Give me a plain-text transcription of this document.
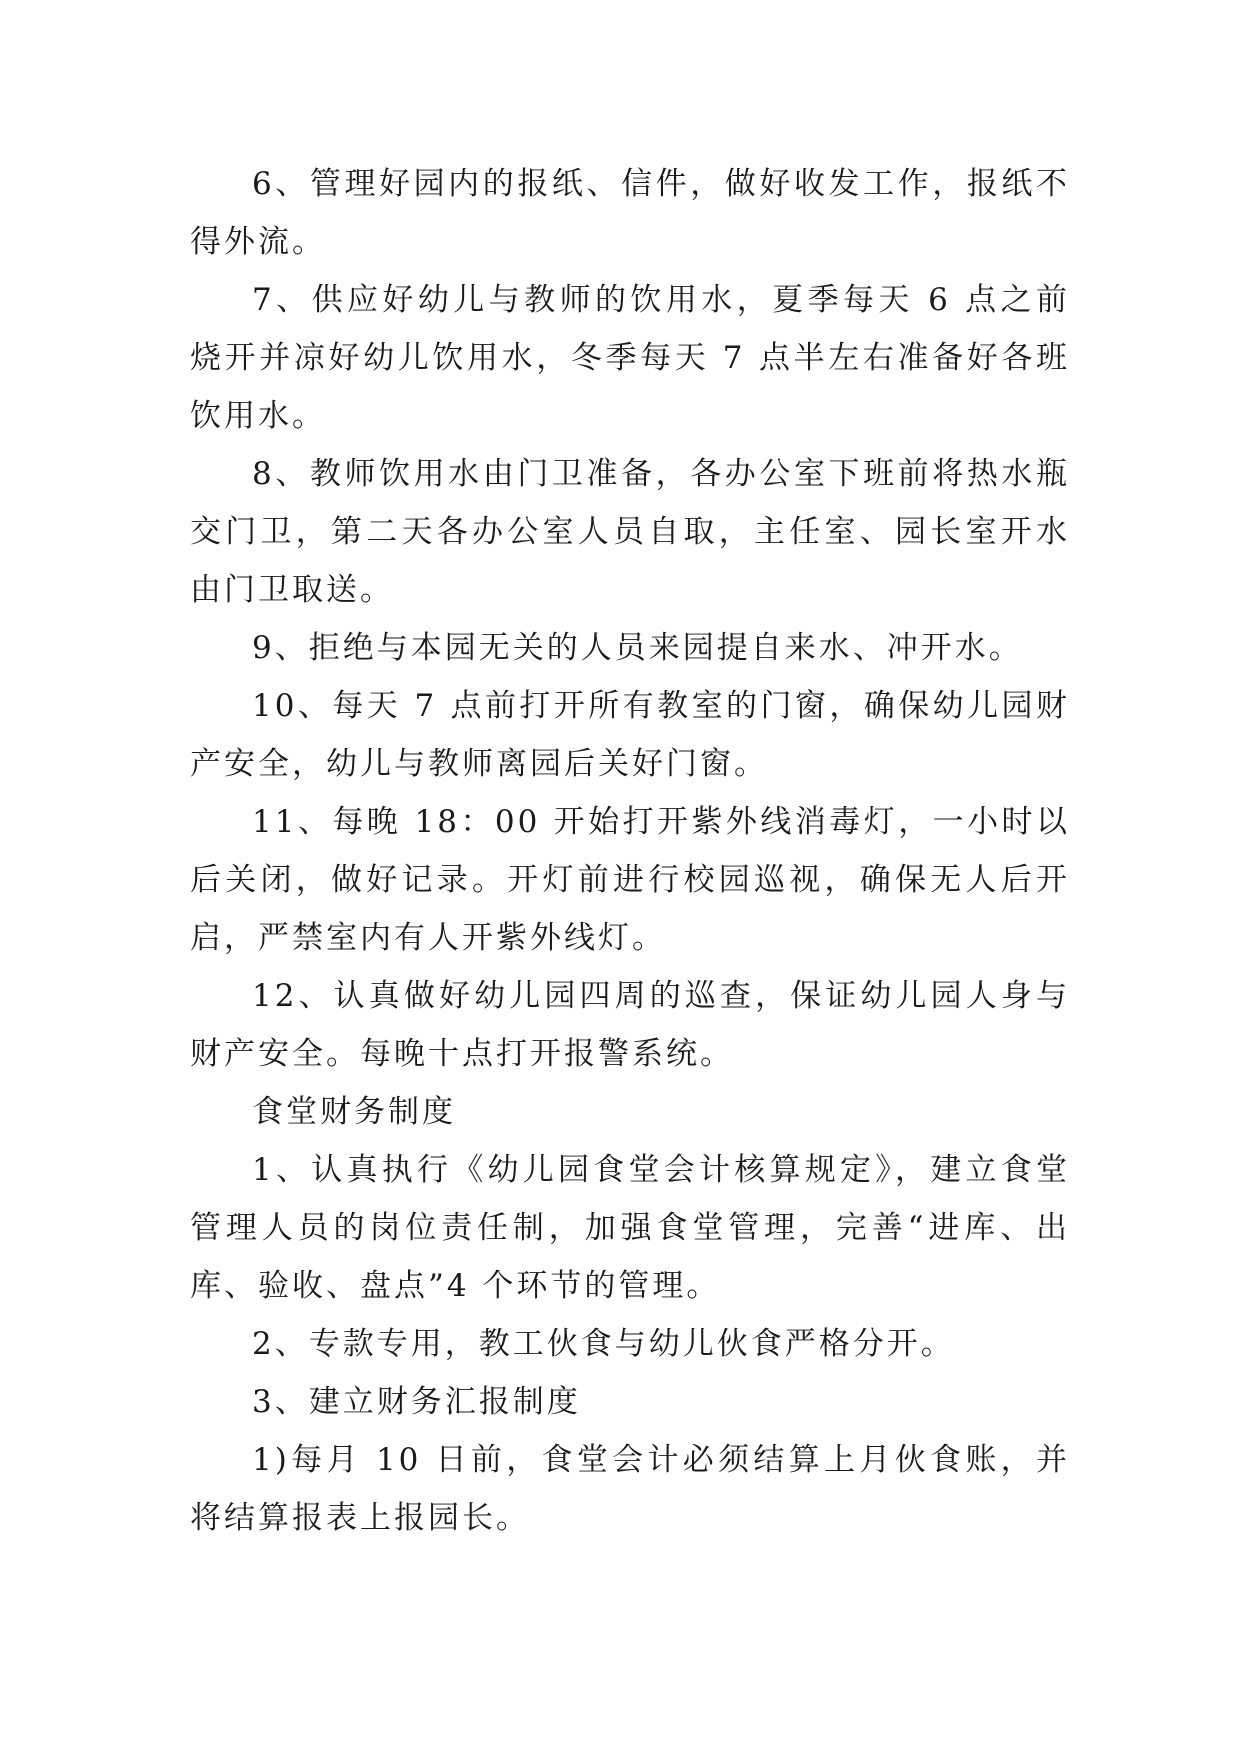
6、管理好园内的报纸、信件，做好收发工作，报纸不得外流。

7、供应好幼儿与教师的饮用水，夏季每天 6 点之前烧开并凉好幼儿饮用水，冬季每天 7 点半左右准备好各班饮用水。

8、教师饮用水由门卫准备，各办公室下班前将热水瓶交门卫，第二天各办公室人员自取，主任室、园长室开水由门卫取送。

9、拒绝与本园无关的人员来园提自来水、冲开水。

10、每天 7 点前打开所有教室的门窗，确保幼儿园财产安全，幼儿与教师离园后关好门窗。

11、每晚 18：00 开始打开紫外线消毒灯，一小时以后关闭，做好记录。开灯前进行校园巡视，确保无人后开启，严禁室内有人开紫外线灯。

12、认真做好幼儿园四周的巡查，保证幼儿园人身与财产安全。每晚十点打开报警系统。

食堂财务制度

1、认真执行《幼儿园食堂会计核算规定》，建立食堂管理人员的岗位责任制，加强食堂管理，完善“进库、出库、验收、盘点”4 个环节的管理。

2、专款专用，教工伙食与幼儿伙食严格分开。

3、建立财务汇报制度

1)每月 10 日前，食堂会计必须结算上月伙食账，并将结算报表上报园长。
